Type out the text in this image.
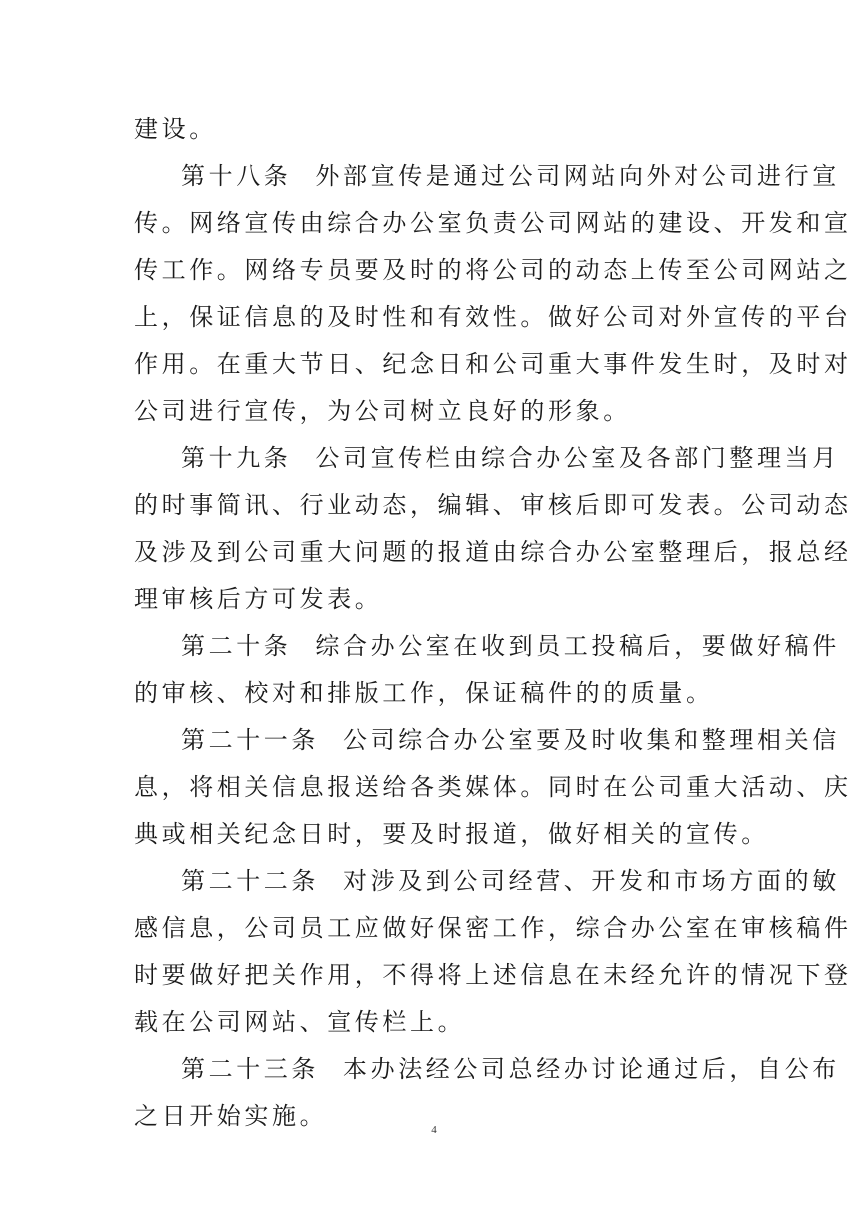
建设。
第十八条 外部宣传是通过公司网站向外对公司进行宣
传。网络宣传由综合办公室负责公司网站的建设、开发和宣
传工作。网络专员要及时的将公司的动态上传至公司网站之
上，保证信息的及时性和有效性。做好公司对外宣传的平台
作用。在重大节日、纪念日和公司重大事件发生时，及时对
公司进行宣传，为公司树立良好的形象。
第十九条 公司宣传栏由综合办公室及各部门整理当月
的时事简讯、行业动态，编辑、审核后即可发表。公司动态
及涉及到公司重大问题的报道由综合办公室整理后，报总经
理审核后方可发表。
第二十条 综合办公室在收到员工投稿后，要做好稿件
的审核、校对和排版工作，保证稿件的的质量。
第二十一条 公司综合办公室要及时收集和整理相关信
息，将相关信息报送给各类媒体。同时在公司重大活动、庆
典或相关纪念日时，要及时报道，做好相关的宣传。
第二十二条 对涉及到公司经营、开发和市场方面的敏
感信息，公司员工应做好保密工作，综合办公室在审核稿件
时要做好把关作用，不得将上述信息在未经允许的情况下登
载在公司网站、宣传栏上。
第二十三条 本办法经公司总经办讨论通过后，自公布
之日开始实施。	4
